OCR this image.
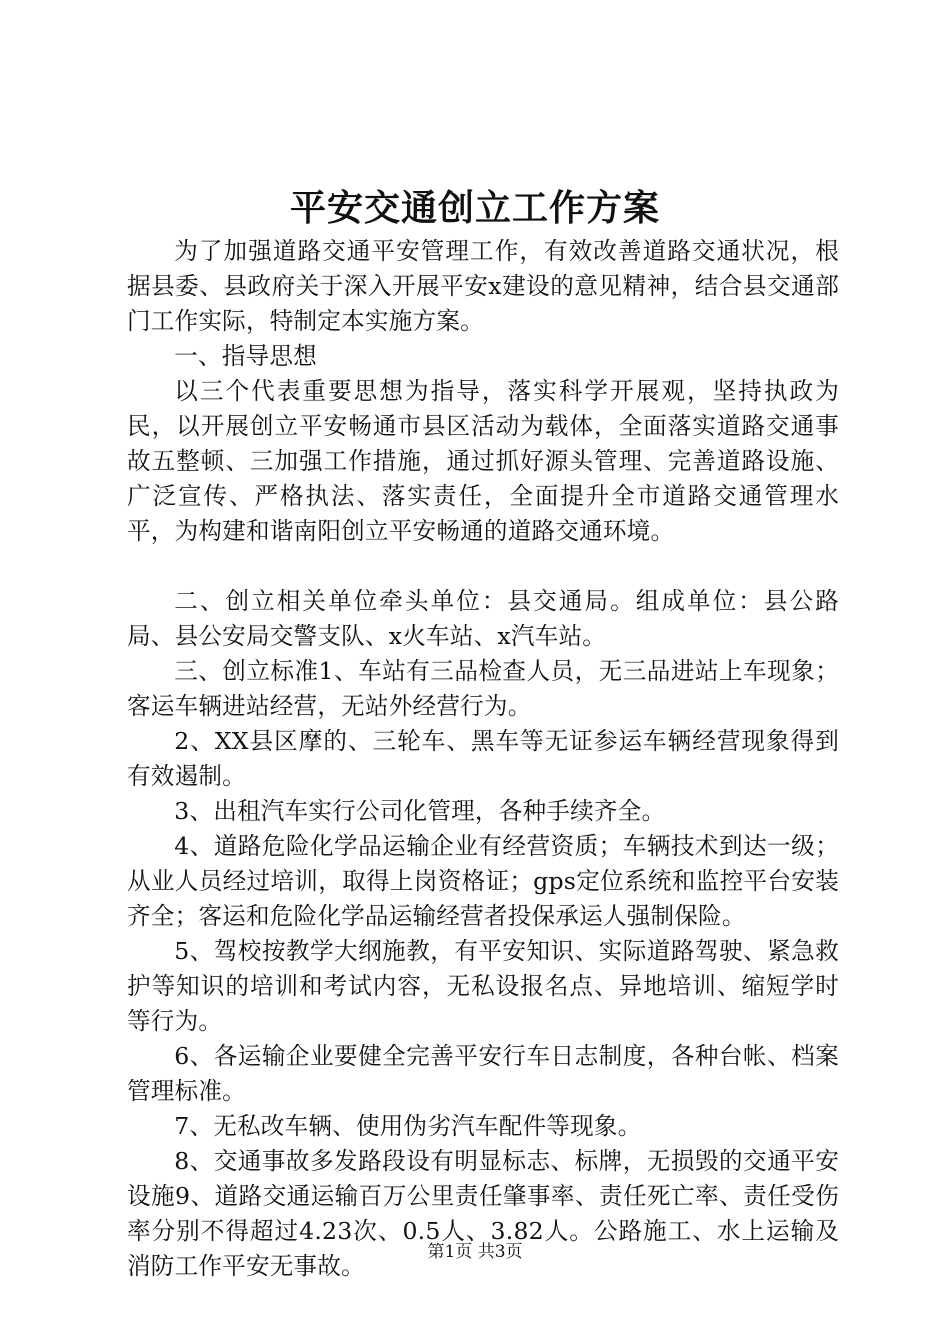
平安交通创立工作方案

为了加强道路交通平安管理工作，有效改善道路交通状况，根据县委、县政府关于深入开展平安x建设的意见精神，结合县交通部门工作实际，特制定本实施方案。

一、指导思想

以三个代表重要思想为指导，落实科学开展观，坚持执政为民，以开展创立平安畅通市县区活动为载体，全面落实道路交通事故五整顿、三加强工作措施，通过抓好源头管理、完善道路设施、广泛宣传、严格执法、落实责任，全面提升全市道路交通管理水平，为构建和谐南阳创立平安畅通的道路交通环境。

二、创立相关单位牵头单位：县交通局。组成单位：县公路局、县公安局交警支队、x火车站、x汽车站。

三、创立标准1、车站有三品检查人员，无三品进站上车现象；客运车辆进站经营，无站外经营行为。

2、XX县区摩的、三轮车、黑车等无证参运车辆经营现象得到有效遏制。

3、出租汽车实行公司化管理，各种手续齐全。

4、道路危险化学品运输企业有经营资质；车辆技术到达一级；从业人员经过培训，取得上岗资格证；gps定位系统和监控平台安装齐全；客运和危险化学品运输经营者投保承运人强制保险。

5、驾校按教学大纲施教，有平安知识、实际道路驾驶、紧急救护等知识的培训和考试内容，无私设报名点、异地培训、缩短学时等行为。

6、各运输企业要健全完善平安行车日志制度，各种台帐、档案管理标准。

7、无私改车辆、使用伪劣汽车配件等现象。

8、交通事故多发路段设有明显标志、标牌，无损毁的交通平安设施9、道路交通运输百万公里责任肇事率、责任死亡率、责任受伤率分别不得超过4.23次、0.5人、3.82人。公路施工、水上运输及消防工作平安无事故。	第1页 共3页
